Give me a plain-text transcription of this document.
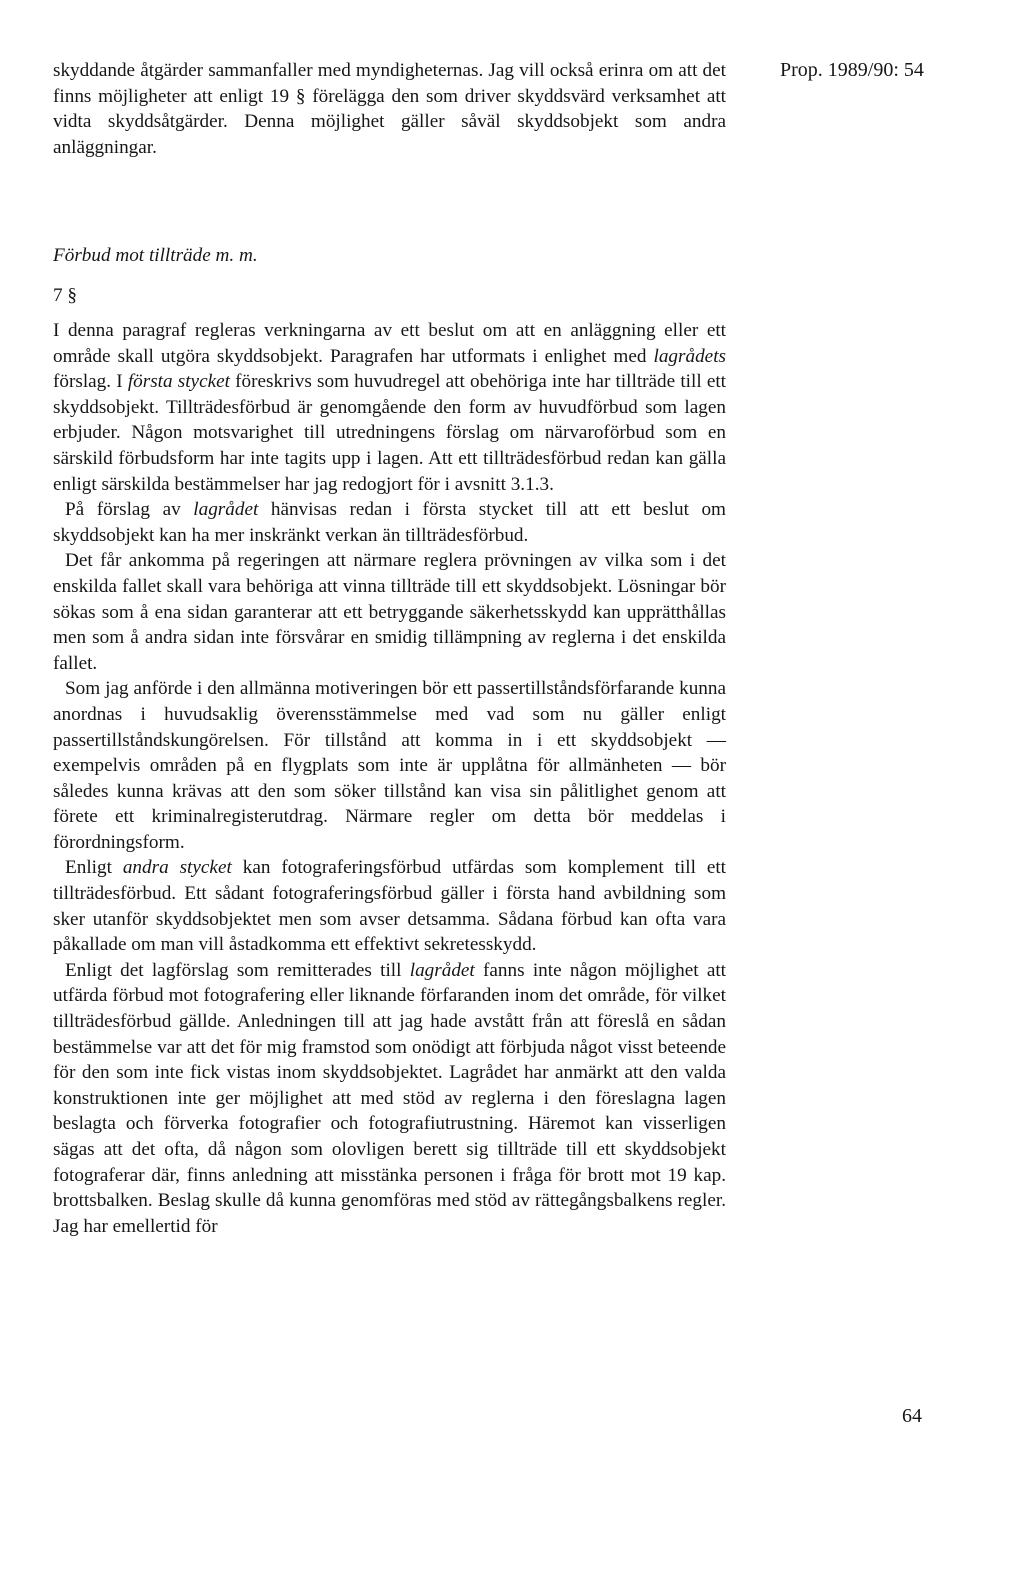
Prop. 1989/90: 54

skyddande åtgärder sammanfaller med myndigheternas. Jag vill också erinra om att det finns möjligheter att enligt 19 § förelägga den som driver skyddsvärd verksamhet att vidta skyddsåtgärder. Denna möjlighet gäller såväl skyddsobjekt som andra anläggningar.

Förbud mot tillträde m. m.
7 §

I denna paragraf regleras verkningarna av ett beslut om att en anläggning eller ett område skall utgöra skyddsobjekt. Paragrafen har utformats i enlighet med lagrådets förslag. I första stycket föreskrivs som huvudregel att obehöriga inte har tillträde till ett skyddsobjekt. Tillträdesförbud är genomgående den form av huvudförbud som lagen erbjuder. Någon motsvarighet till utredningens förslag om närvaroförbud som en särskild förbudsform har inte tagits upp i lagen. Att ett tillträdesförbud redan kan gälla enligt särskilda bestämmelser har jag redogjort för i avsnitt 3.1.3.

På förslag av lagrådet hänvisas redan i första stycket till att ett beslut om skyddsobjekt kan ha mer inskränkt verkan än tillträdesförbud.

Det får ankomma på regeringen att närmare reglera prövningen av vilka som i det enskilda fallet skall vara behöriga att vinna tillträde till ett skyddsobjekt. Lösningar bör sökas som å ena sidan garanterar att ett betryggande säkerhetsskydd kan upprätthållas men som å andra sidan inte försvårar en smidig tillämpning av reglerna i det enskilda fallet.

Som jag anförde i den allmänna motiveringen bör ett passertillståndsförfarande kunna anordnas i huvudsaklig överensstämmelse med vad som nu gäller enligt passertillståndskungörelsen. För tillstånd att komma in i ett skyddsobjekt — exempelvis områden på en flygplats som inte är upplåtna för allmänheten — bör således kunna krävas att den som söker tillstånd kan visa sin pålitlighet genom att förete ett kriminalregisterutdrag. Närmare regler om detta bör meddelas i förordningsform.

Enligt andra stycket kan fotograferingsförbud utfärdas som komplement till ett tillträdesförbud. Ett sådant fotograferingsförbud gäller i första hand avbildning som sker utanför skyddsobjektet men som avser detsamma. Sådana förbud kan ofta vara påkallade om man vill åstadkomma ett effektivt sekretesskydd.

Enligt det lagförslag som remitterades till lagrådet fanns inte någon möjlighet att utfärda förbud mot fotografering eller liknande förfaranden inom det område, för vilket tillträdesförbud gällde. Anledningen till att jag hade avstått från att föreslå en sådan bestämmelse var att det för mig framstod som onödigt att förbjuda något visst beteende för den som inte fick vistas inom skyddsobjektet. Lagrådet har anmärkt att den valda konstruktionen inte ger möjlighet att med stöd av reglerna i den föreslagna lagen beslagta och förverka fotografier och fotografiutrustning. Häremot kan visserligen sägas att det ofta, då någon som olovligen berett sig tillträde till ett skyddsobjekt fotograferar där, finns anledning att misstänka personen i fråga för brott mot 19 kap. brottsbalken. Beslag skulle då kunna genomföras med stöd av rättegångsbalkens regler. Jag har emellertid för

64
